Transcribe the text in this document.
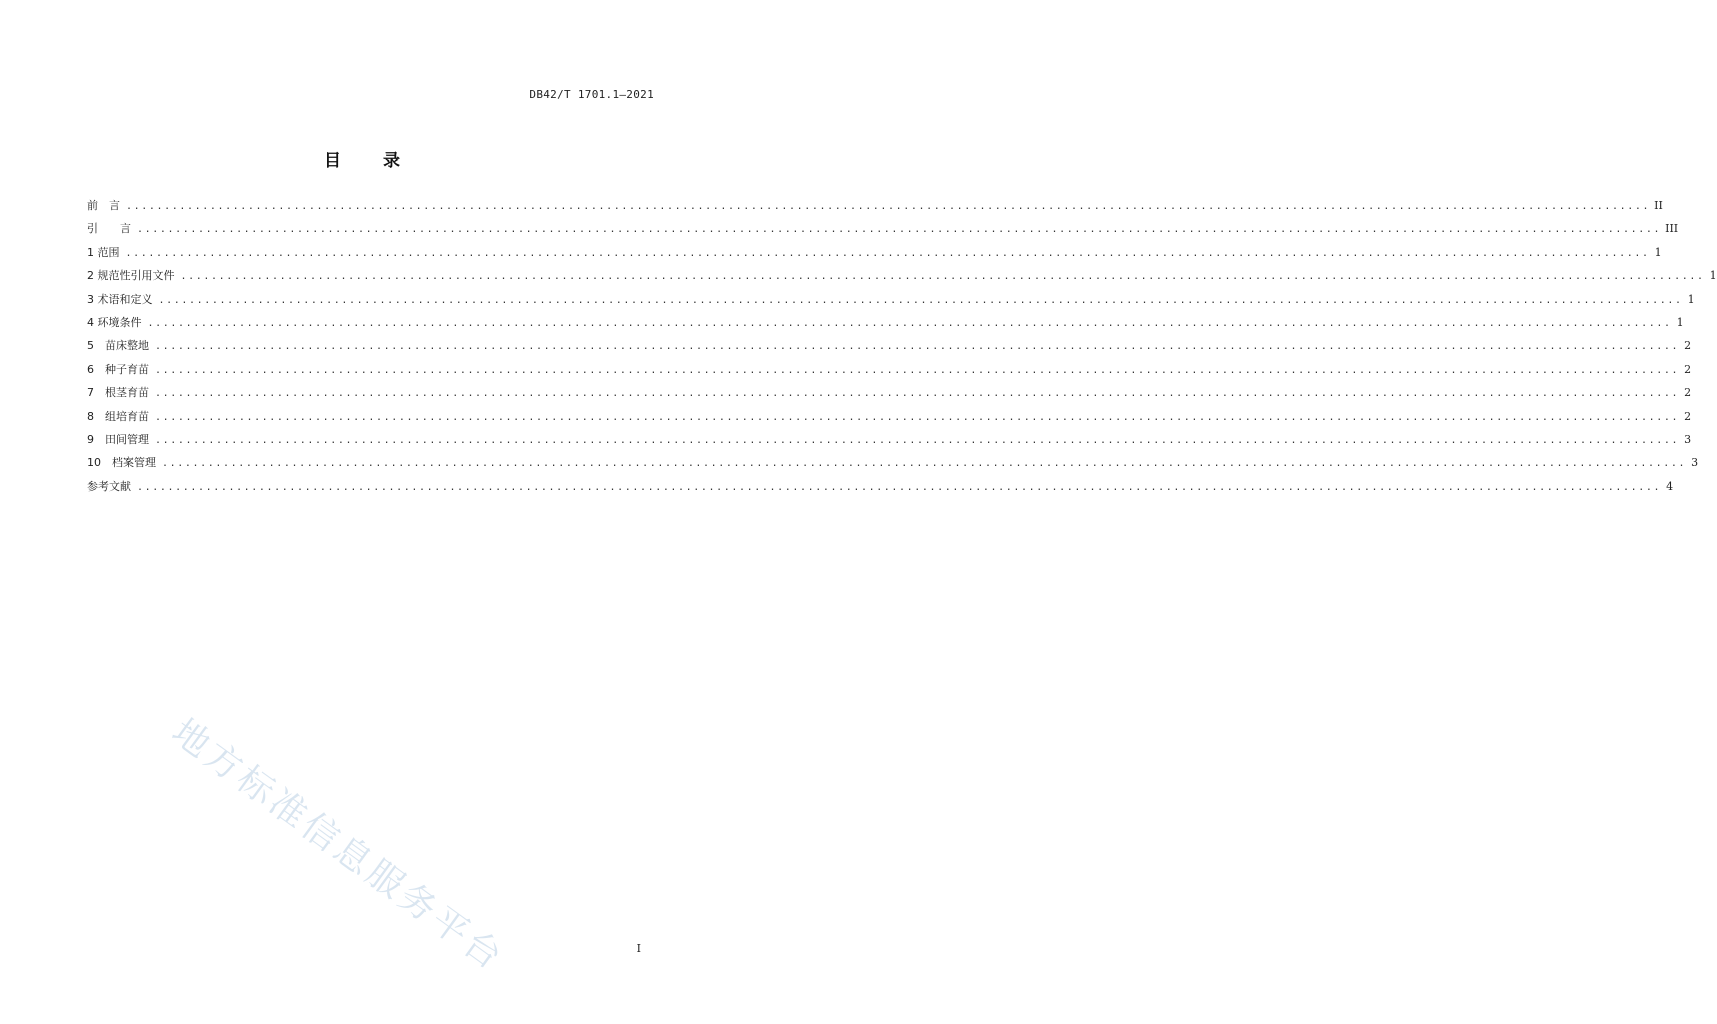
DB42/T 1701.1—2021
目 录
前　言 ........................................................................................................................................................................................................ II
引　　言 ........................................................................................................................................................................................................ III
1 范围 ........................................................................................................................................................................................................ 1
2 规范性引用文件 ........................................................................................................................................................................................................ 1
3 术语和定义 ........................................................................................................................................................................................................ 1
4 环境条件 ........................................................................................................................................................................................................ 1
5　苗床整地 ........................................................................................................................................................................................................ 2
6　种子育苗 ........................................................................................................................................................................................................ 2
7　根茎育苗 ........................................................................................................................................................................................................ 2
8　组培育苗 ........................................................................................................................................................................................................ 2
9　田间管理 ........................................................................................................................................................................................................ 3
10　档案管理 ........................................................................................................................................................................................................ 3
参考文献 ........................................................................................................................................................................................................ 4
地方标准信息服务平台	I
